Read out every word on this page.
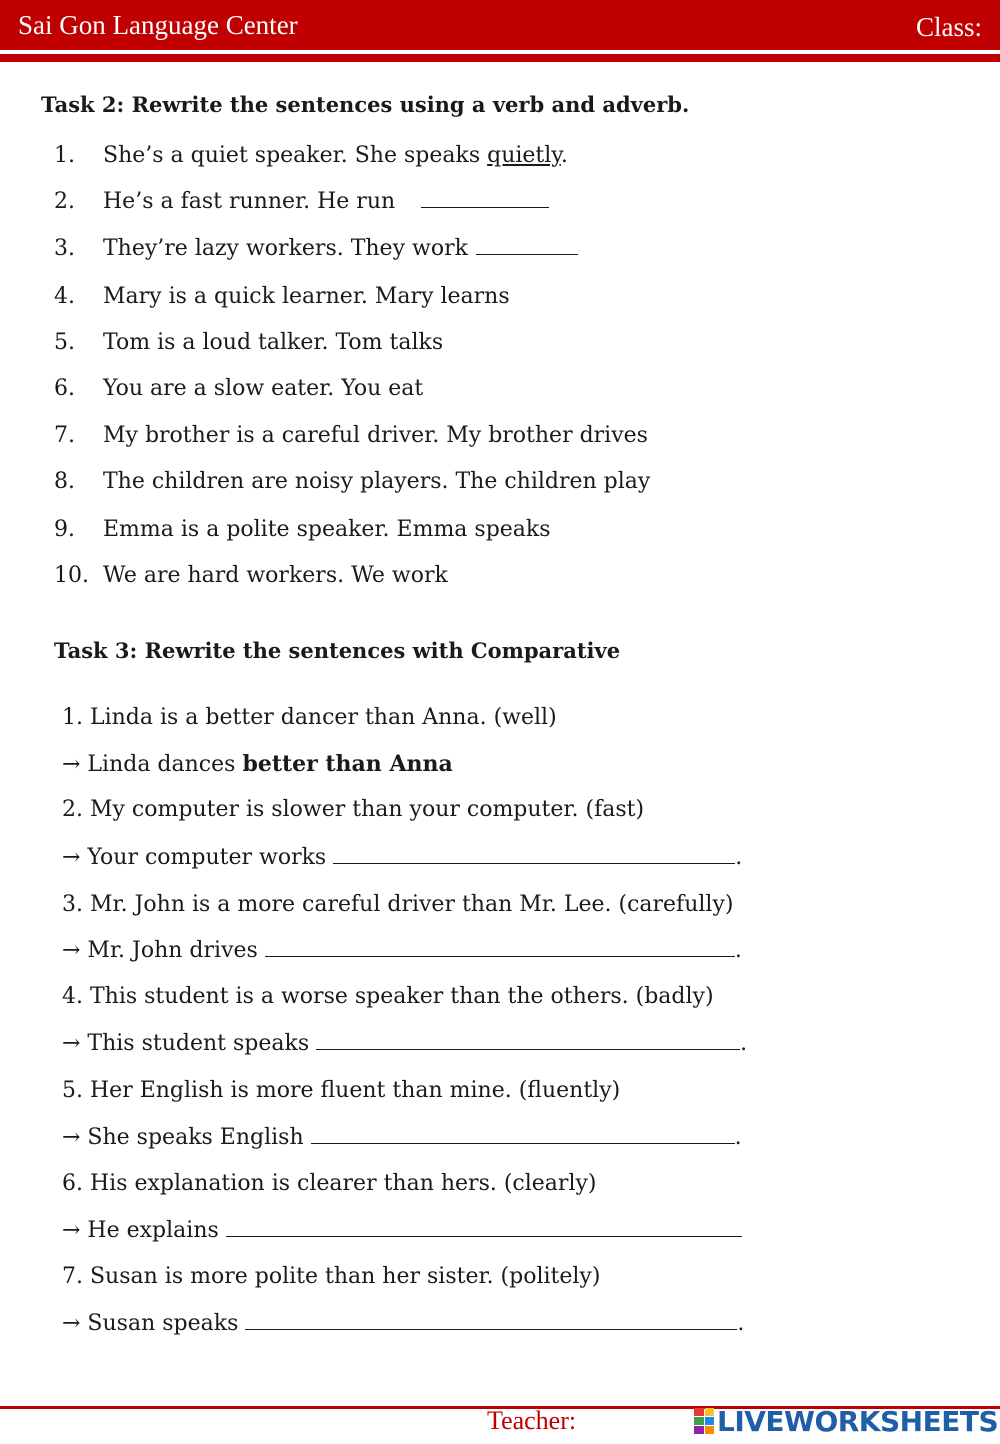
Sai Gon Language Center	Class:
Task 2: Rewrite the sentences using a verb and adverb.
1.	She’s a quiet speaker. She speaks quietly.
2.	He’s a fast runner. He run
3.	They’re lazy workers. They work
4.	Mary is a quick learner. Mary learns
5.	Tom is a loud talker. Tom talks
6.	You are a slow eater. You eat
7.	My brother is a careful driver. My brother drives
8.	The children are noisy players. The children play
9.	Emma is a polite speaker. Emma speaks
10. We are hard workers. We work
Task 3: Rewrite the sentences with Comparative
1. Linda is a better dancer than Anna. (well)
→ Linda dances better than Anna
2. My computer is slower than your computer. (fast)
→ Your computer works	.
3. Mr. John is a more careful driver than Mr. Lee. (carefully)
→ Mr. John drives	.
4. This student is a worse speaker than the others. (badly)
→ This student speaks	.
5. Her English is more fluent than mine. (fluently)
→ She speaks English	.
6. His explanation is clearer than hers. (clearly)
→ He explains
7. Susan is more polite than her sister. (politely)
→ Susan speaks	.
Teacher:	LIVEWORKSHEETS
